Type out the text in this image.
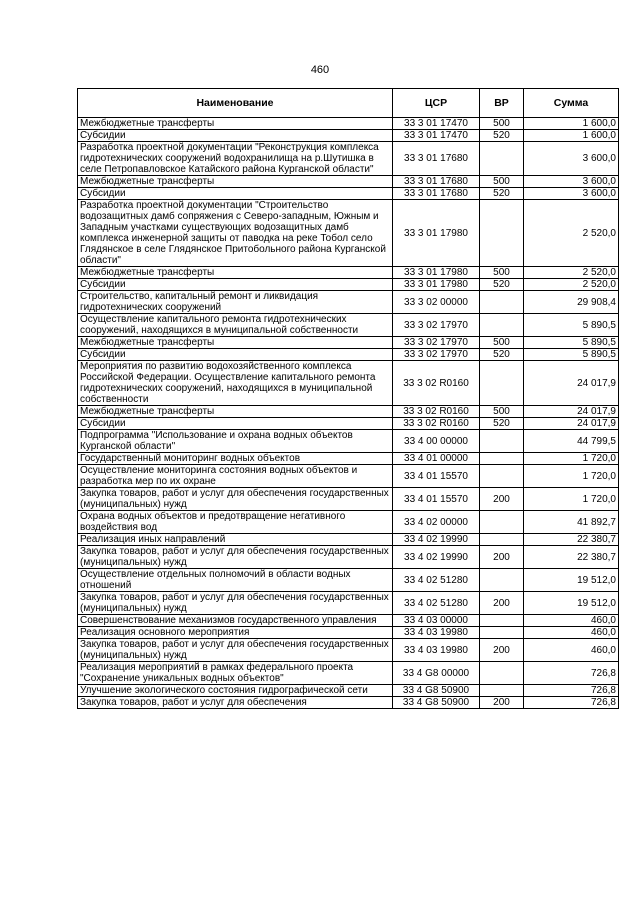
460
Наименование	ЦСР	ВР	Сумма
Межбюджетные трансферты	33 3 01 17470	500	1 600,0
Субсидии	33 3 01 17470	520	1 600,0
Разработка проектной документации "Реконструкция комплекса гидротехнических сооружений водохранилища на р.Шутишка в селе Петропавловское Катайского района Курганской области"	33 3 01 17680		3 600,0
Межбюджетные трансферты	33 3 01 17680	500	3 600,0
Субсидии	33 3 01 17680	520	3 600,0
Разработка проектной документации "Строительство водозащитных дамб сопряжения с Северо-западным, Южным и Западным участками существующих водозащитных дамб комплекса инженерной защиты от паводка на реке Тобол село Глядянское в селе Глядянское Притобольного района Курганской области"	33 3 01 17980		2 520,0
Межбюджетные трансферты	33 3 01 17980	500	2 520,0
Субсидии	33 3 01 17980	520	2 520,0
Строительство, капитальный ремонт и ликвидация гидротехнических сооружений	33 3 02 00000		29 908,4
Осуществление капитального ремонта гидротехнических сооружений, находящихся в муниципальной собственности	33 3 02 17970		5 890,5
Межбюджетные трансферты	33 3 02 17970	500	5 890,5
Субсидии	33 3 02 17970	520	5 890,5
Мероприятия по развитию водохозяйственного комплекса Российской Федерации. Осуществление капитального ремонта гидротехнических сооружений, находящихся в муниципальной собственности	33 3 02 R0160		24 017,9
Межбюджетные трансферты	33 3 02 R0160	500	24 017,9
Субсидии	33 3 02 R0160	520	24 017,9
Подпрограмма "Использование и охрана водных объектов Курганской области"	33 4 00 00000		44 799,5
Государственный мониторинг водных объектов	33 4 01 00000		1 720,0
Осуществление мониторинга состояния водных объектов и разработка мер по их охране	33 4 01 15570		1 720,0
Закупка товаров, работ и услуг для обеспечения государственных (муниципальных) нужд	33 4 01 15570	200	1 720,0
Охрана водных объектов и предотвращение негативного воздействия вод	33 4 02 00000		41 892,7
Реализация иных направлений	33 4 02 19990		22 380,7
Закупка товаров, работ и услуг для обеспечения государственных (муниципальных) нужд	33 4 02 19990	200	22 380,7
Осуществление отдельных полномочий в области водных отношений	33 4 02 51280		19 512,0
Закупка товаров, работ и услуг для обеспечения государственных (муниципальных) нужд	33 4 02 51280	200	19 512,0
Совершенствование механизмов государственного управления	33 4 03 00000		460,0
Реализация основного мероприятия	33 4 03 19980		460,0
Закупка товаров, работ и услуг для обеспечения государственных (муниципальных) нужд	33 4 03 19980	200	460,0
Реализация мероприятий в рамках федерального проекта "Сохранение уникальных водных объектов"	33 4 G8 00000		726,8
Улучшение экологического состояния гидрографической сети	33 4 G8 50900		726,8
Закупка товаров, работ и услуг для обеспечения	33 4 G8 50900	200	726,8
